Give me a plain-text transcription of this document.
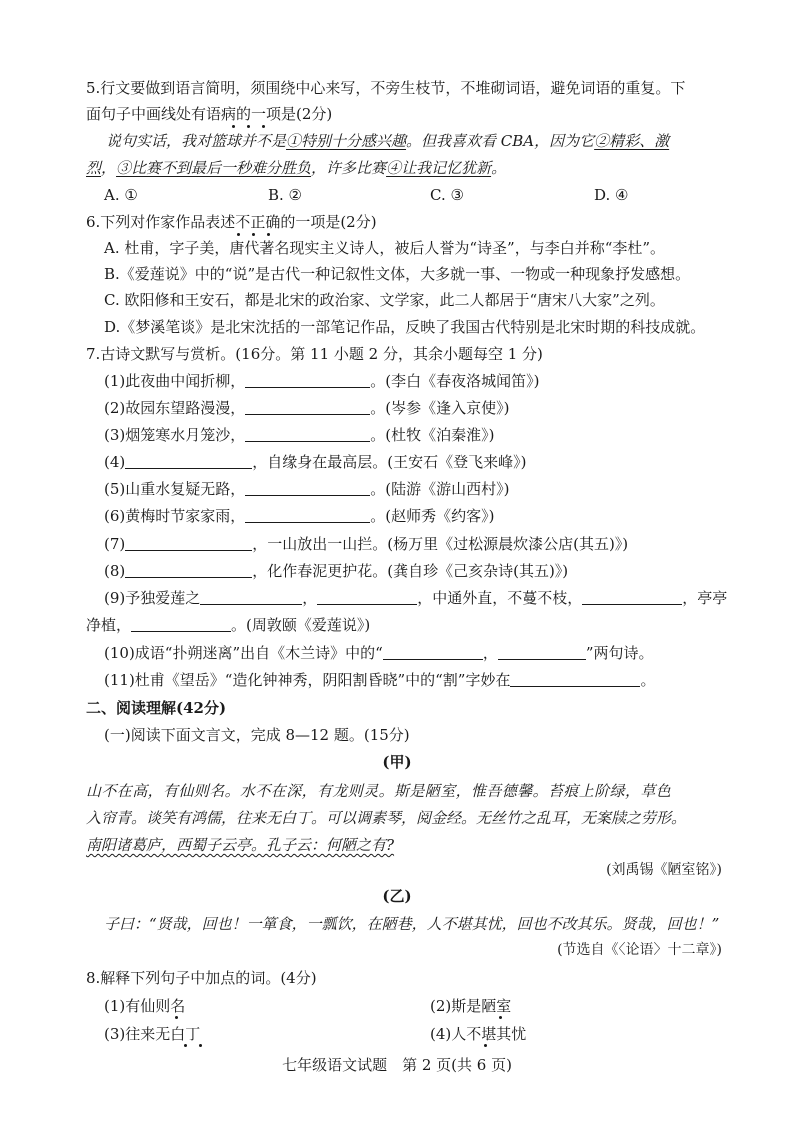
5.行文要做到语言简明，须围绕中心来写，不旁生枝节，不堆砌词语，避免词语的重复。下
面句子中画线处有语病的一项是(2分)
说句实话，我对篮球并不是①特别十分感兴趣。但我喜欢看 CBA，因为它②精彩、激
烈，③比赛不到最后一秒难分胜负，许多比赛④让我记忆犹新。
A. ①	B. ②	C. ③	D. ④
6.下列对作家作品表述不正确的一项是(2分)
A. 杜甫，字子美，唐代著名现实主义诗人，被后人誉为“诗圣”，与李白并称“李杜”。
B.《爱莲说》中的“说”是古代一种记叙性文体，大多就一事、一物或一种现象抒发感想。
C. 欧阳修和王安石，都是北宋的政治家、文学家，此二人都居于“唐宋八大家”之列。
D.《梦溪笔谈》是北宋沈括的一部笔记作品，反映了我国古代特别是北宋时期的科技成就。
7.古诗文默写与赏析。(16分。第 11 小题 2 分，其余小题每空 1 分)
(1)此夜曲中闻折柳，	。(李白《春夜洛城闻笛》)
(2)故园东望路漫漫，	。(岑参《逢入京使》)
(3)烟笼寒水月笼沙，	。(杜牧《泊秦淮》)
(4)	，自缘身在最高层。(王安石《登飞来峰》)
(5)山重水复疑无路，	。(陆游《游山西村》)
(6)黄梅时节家家雨，	。(赵师秀《约客》)
(7)	，一山放出一山拦。(杨万里《过松源晨炊漆公店(其五)》)
(8)	，化作春泥更护花。(龚自珍《己亥杂诗(其五)》)
(9)予独爱莲之	，	，中通外直，不蔓不枝，	，亭亭
净植，	。(周敦颐《爱莲说》)
(10)成语“扑朔迷离”出自《木兰诗》中的“	，	”两句诗。
(11)杜甫《望岳》“造化钟神秀，阴阳割昏晓”中的“割”字妙在	。
二、阅读理解(42分)
(一)阅读下面文言文，完成 8—12 题。(15分)
(甲)
山不在高，有仙则名。水不在深，有龙则灵。斯是陋室，惟吾德馨。苔痕上阶绿，草色
入帘青。谈笑有鸿儒，往来无白丁。可以调素琴，阅金经。无丝竹之乱耳，无案牍之劳形。
南阳诸葛庐，西蜀子云亭。孔子云：何陋之有?
(刘禹锡《陋室铭》)
(乙)
子曰：“贤哉，回也！一箪食，一瓢饮，在陋巷，人不堪其忧，回也不改其乐。贤哉，回也！”
(节选自《〈论语〉十二章》)
8.解释下列句子中加点的词。(4分)
(1)有仙则名	(2)斯是陋室
(3)往来无白丁	(4)人不堪其忧
七年级语文试题　第 2 页(共 6 页)
